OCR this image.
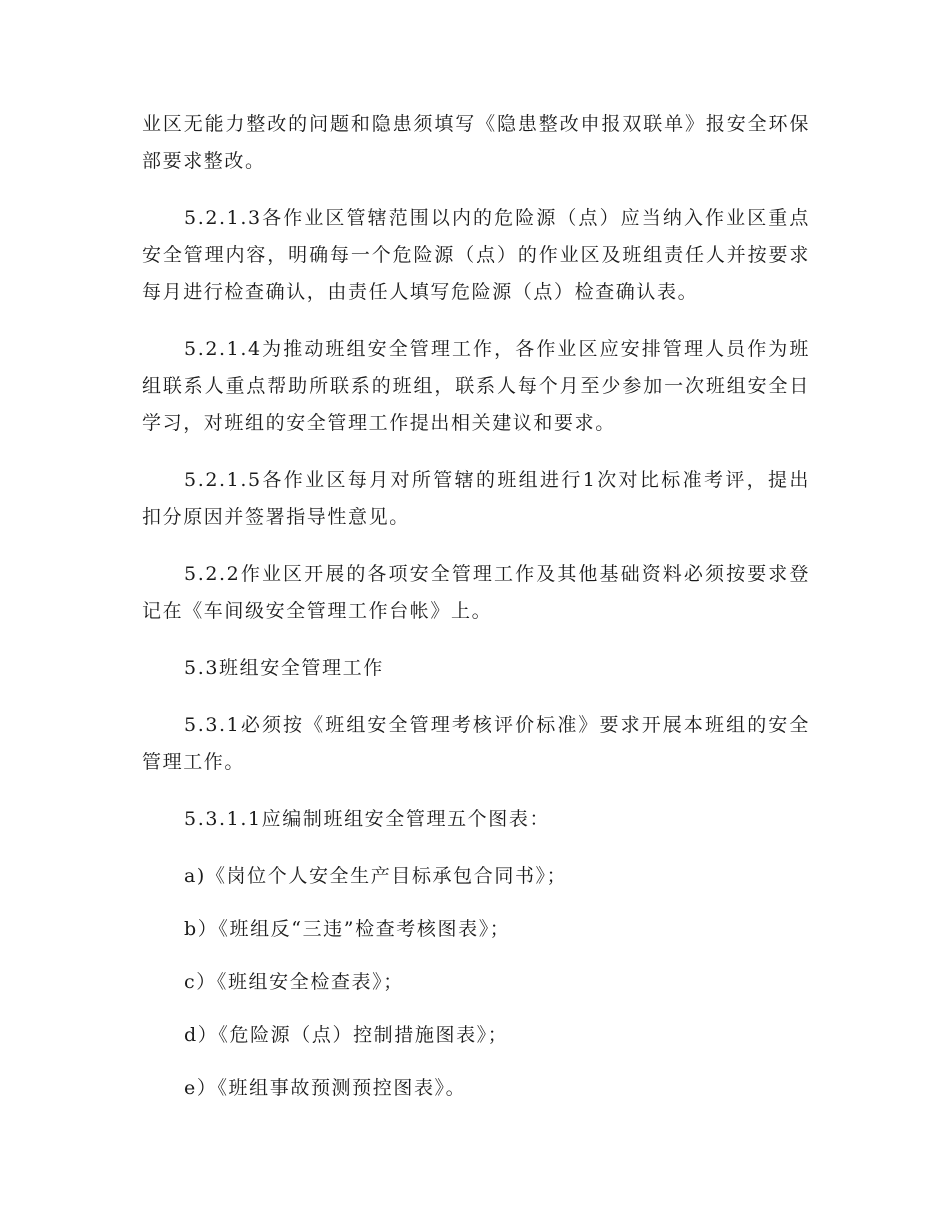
业区无能力整改的问题和隐患须填写《隐患整改申报双联单》报安全环保部要求整改。

5.2.1.3各作业区管辖范围以内的危险源（点）应当纳入作业区重点安全管理内容，明确每一个危险源（点）的作业区及班组责任人并按要求每月进行检查确认，由责任人填写危险源（点）检查确认表。

5.2.1.4为推动班组安全管理工作，各作业区应安排管理人员作为班组联系人重点帮助所联系的班组，联系人每个月至少参加一次班组安全日学习，对班组的安全管理工作提出相关建议和要求。

5.2.1.5各作业区每月对所管辖的班组进行1次对比标准考评，提出扣分原因并签署指导性意见。

5.2.2作业区开展的各项安全管理工作及其他基础资料必须按要求登记在《车间级安全管理工作台帐》上。

5.3班组安全管理工作

5.3.1必须按《班组安全管理考核评价标准》要求开展本班组的安全管理工作。

5.3.1.1应编制班组安全管理五个图表：

a)《岗位个人安全生产目标承包合同书》；

b）《班组反“三违”检查考核图表》；

c）《班组安全检查表》；

d）《危险源（点）控制措施图表》；

e）《班组事故预测预控图表》。
